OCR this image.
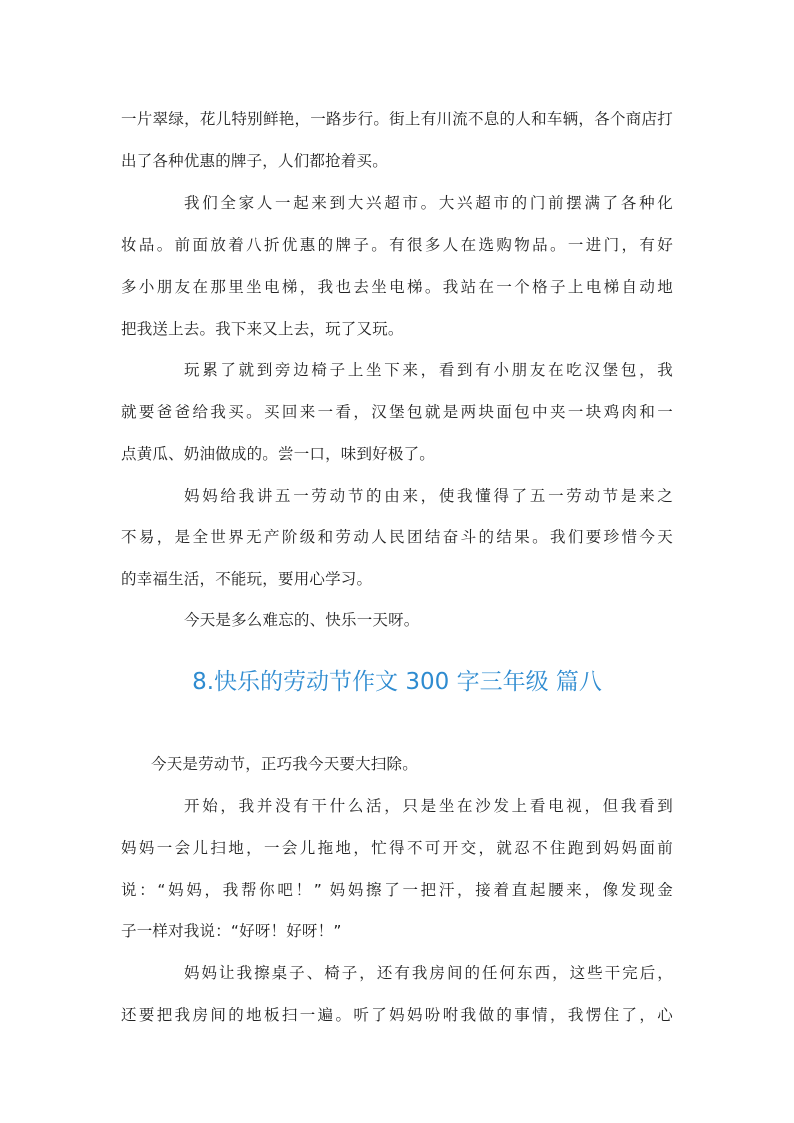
一片翠绿，花儿特别鲜艳，一路步行。街上有川流不息的人和车辆，各个商店打
出了各种优惠的牌子，人们都抢着买。
我们全家人一起来到大兴超市。大兴超市的门前摆满了各种化
妆品。前面放着八折优惠的牌子。有很多人在选购物品。一进门，有好
多小朋友在那里坐电梯，我也去坐电梯。我站在一个格子上电梯自动地
把我送上去。我下来又上去，玩了又玩。
玩累了就到旁边椅子上坐下来，看到有小朋友在吃汉堡包，我
就要爸爸给我买。买回来一看，汉堡包就是两块面包中夹一块鸡肉和一
点黄瓜、奶油做成的。尝一口，味到好极了。
妈妈给我讲五一劳动节的由来，使我懂得了五一劳动节是来之
不易，是全世界无产阶级和劳动人民团结奋斗的结果。我们要珍惜今天
的幸福生活，不能玩，要用心学习。
今天是多么难忘的、快乐一天呀。
8.快乐的劳动节作文 300 字三年级 篇八
今天是劳动节，正巧我今天要大扫除。
开始，我并没有干什么活，只是坐在沙发上看电视，但我看到
妈妈一会儿扫地，一会儿拖地，忙得不可开交，就忍不住跑到妈妈面前
说：“妈妈，我帮你吧！” 妈妈擦了一把汗，接着直起腰来，像发现金
子一样对我说：“好呀！好呀！”
妈妈让我擦桌子、椅子，还有我房间的任何东西，这些干完后，
还要把我房间的地板扫一遍。听了妈妈吩咐我做的事情，我愣住了，心
